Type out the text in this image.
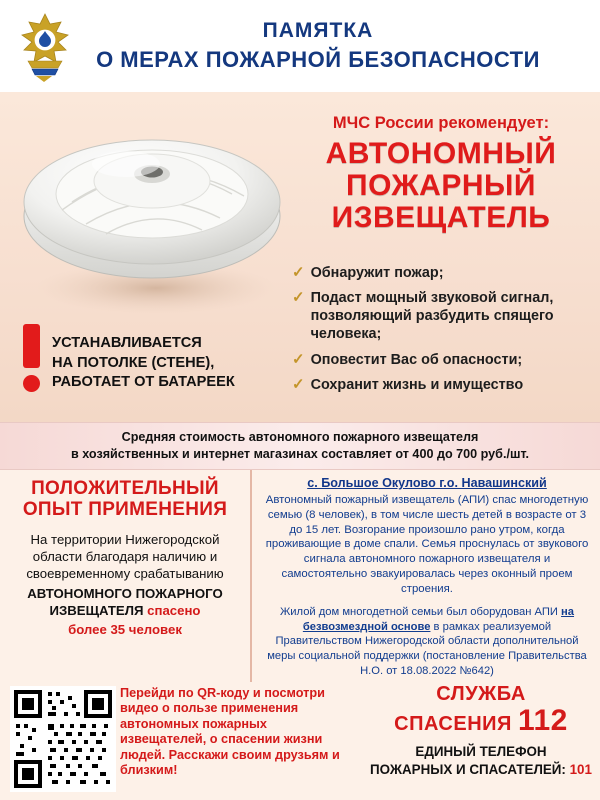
ПАМЯТКА
О МЕРАХ ПОЖАРНОЙ БЕЗОПАСНОСТИ
МЧС России рекомендует:
АВТОНОМНЫЙ
ПОЖАРНЫЙ
ИЗВЕЩАТЕЛЬ
✓ Обнаружит пожар;
✓ Подаст мощный звуковой сигнал, позволяющий разбудить спящего человека;
✓ Оповестит Вас об опасности;
✓ Сохранит жизнь и имущество
УСТАНАВЛИВАЕТСЯ
НА ПОТОЛКЕ (СТЕНЕ),
РАБОТАЕТ ОТ БАТАРЕЕК
Средняя стоимость автономного пожарного извещателя
в хозяйственных и интернет магазинах составляет от 400 до 700 руб./шт.
ПОЛОЖИТЕЛЬНЫЙ
ОПЫТ ПРИМЕНЕНИЯ
На территории Нижегородской
области благодаря наличию и
своевременному срабатыванию
АВТОНОМНОГО ПОЖАРНОГО ИЗВЕЩАТЕЛЯ спасено
более 35 человек
с. Большое Окулово г.о. Навашинский
Автономный пожарный извещатель (АПИ) спас многодетную семью (8 человек), в том числе шесть детей в возрасте от 3 до 15 лет. Возгорание произошло рано утром, когда проживающие в доме спали. Семья проснулась от звукового сигнала автономного пожарного извещателя и самостоятельно эвакуировалась через оконный проем строения.
Жилой дом многодетной семьи был оборудован АПИ на безвозмездной основе в рамках реализуемой Правительством Нижегородской области дополнительной меры социальной поддержки (постановление Правительства Н.О. от 18.08.2022 №642)
Перейди по QR-коду и посмотри видео о пользе применения автономных пожарных извещателей, о спасении жизни людей. Расскажи своим друзьям и близким!
СЛУЖБА
СПАСЕНИЯ 112
ЕДИНЫЙ ТЕЛЕФОН
ПОЖАРНЫХ И СПАСАТЕЛЕЙ: 101
